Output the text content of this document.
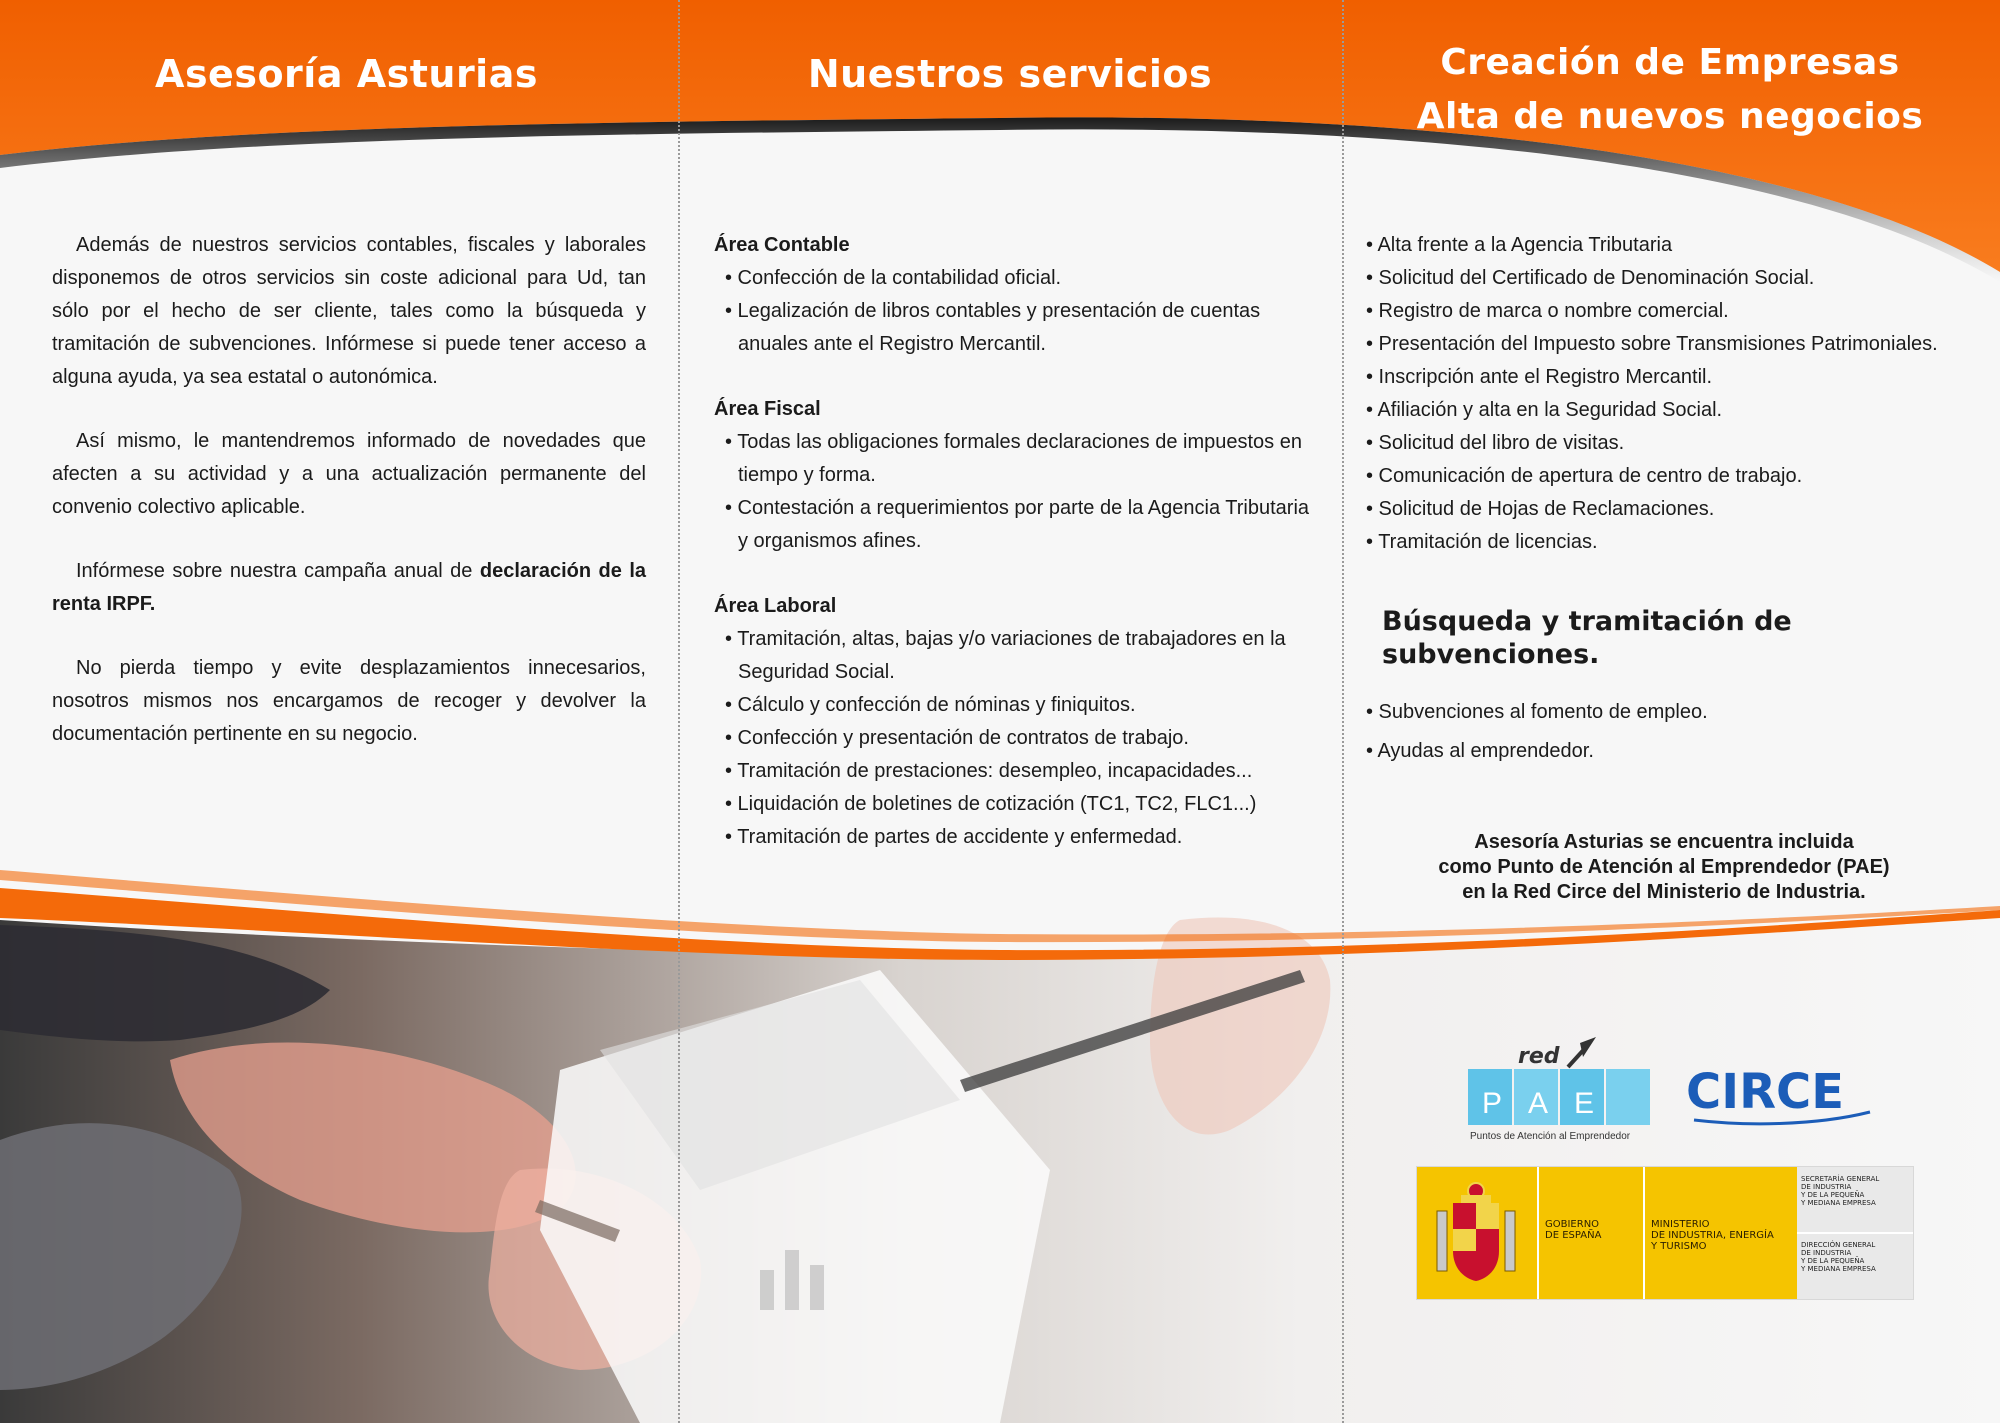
Asesoría Asturias	Nuestros servicios	Creación de Empresas
Alta de nuevos negocios

Además de nuestros servicios contables, fiscales y laborales disponemos de otros servicios sin coste adicional para Ud, tan sólo por el hecho de ser cliente, tales como la búsqueda y tramitación de subvenciones. Infórmese si puede tener acceso a alguna ayuda, ya sea estatal o autonómica.

Así mismo, le mantendremos informado de novedades que afecten a su actividad y a una actualización permanente del convenio colectivo aplicable.

Infórmese sobre nuestra campaña anual de declaración de la renta IRPF.

No pierda tiempo y evite desplazamientos innecesarios, nosotros mismos nos encargamos de recoger y devolver la documentación pertinente en su negocio.

Área Contable
• Confección de la contabilidad oficial.
• Legalización de libros contables y presentación de cuentas anuales ante el Registro Mercantil.
Área Fiscal
• Todas las obligaciones formales declaraciones de impuestos en tiempo y forma.
• Contestación a requerimientos por parte de la Agencia Tributaria y organismos afines.
Área Laboral
• Tramitación, altas, bajas y/o variaciones de trabajadores en la Seguridad Social.
• Cálculo y confección de nóminas y finiquitos.
• Confección y presentación de contratos de trabajo.
• Tramitación de prestaciones: desempleo, incapacidades...
• Liquidación de boletines de cotización (TC1, TC2, FLC1...)
• Tramitación de partes de accidente y enfermedad.
• Alta frente a la Agencia Tributaria
• Solicitud del Certificado de Denominación Social.
• Registro de marca o nombre comercial.
• Presentación del Impuesto sobre Transmisiones Patrimoniales.
• Inscripción ante el Registro Mercantil.
• Afiliación y alta en la Seguridad Social.
• Solicitud del libro de visitas.
• Comunicación de apertura de centro de trabajo.
• Solicitud de Hojas de Reclamaciones.
• Tramitación de licencias.
Búsqueda y tramitación de subvenciones.
• Subvenciones al fomento de empleo.
• Ayudas al emprendedor.
Asesoría Asturias se encuentra incluida
como Punto de Atención al Emprendedor (PAE)
en la Red Circe del Ministerio de Industria.
red
P A E
Puntos de Atención al Emprendedor
CIRCE
GOBIERNO
DE ESPAÑA
MINISTERIO
DE INDUSTRIA, ENERGÍA
Y TURISMO
SECRETARÍA GENERAL
DE INDUSTRIA
Y DE LA PEQUEÑA
Y MEDIANA EMPRESA
DIRECCIÓN GENERAL
DE INDUSTRIA
Y DE LA PEQUEÑA
Y MEDIANA EMPRESA
